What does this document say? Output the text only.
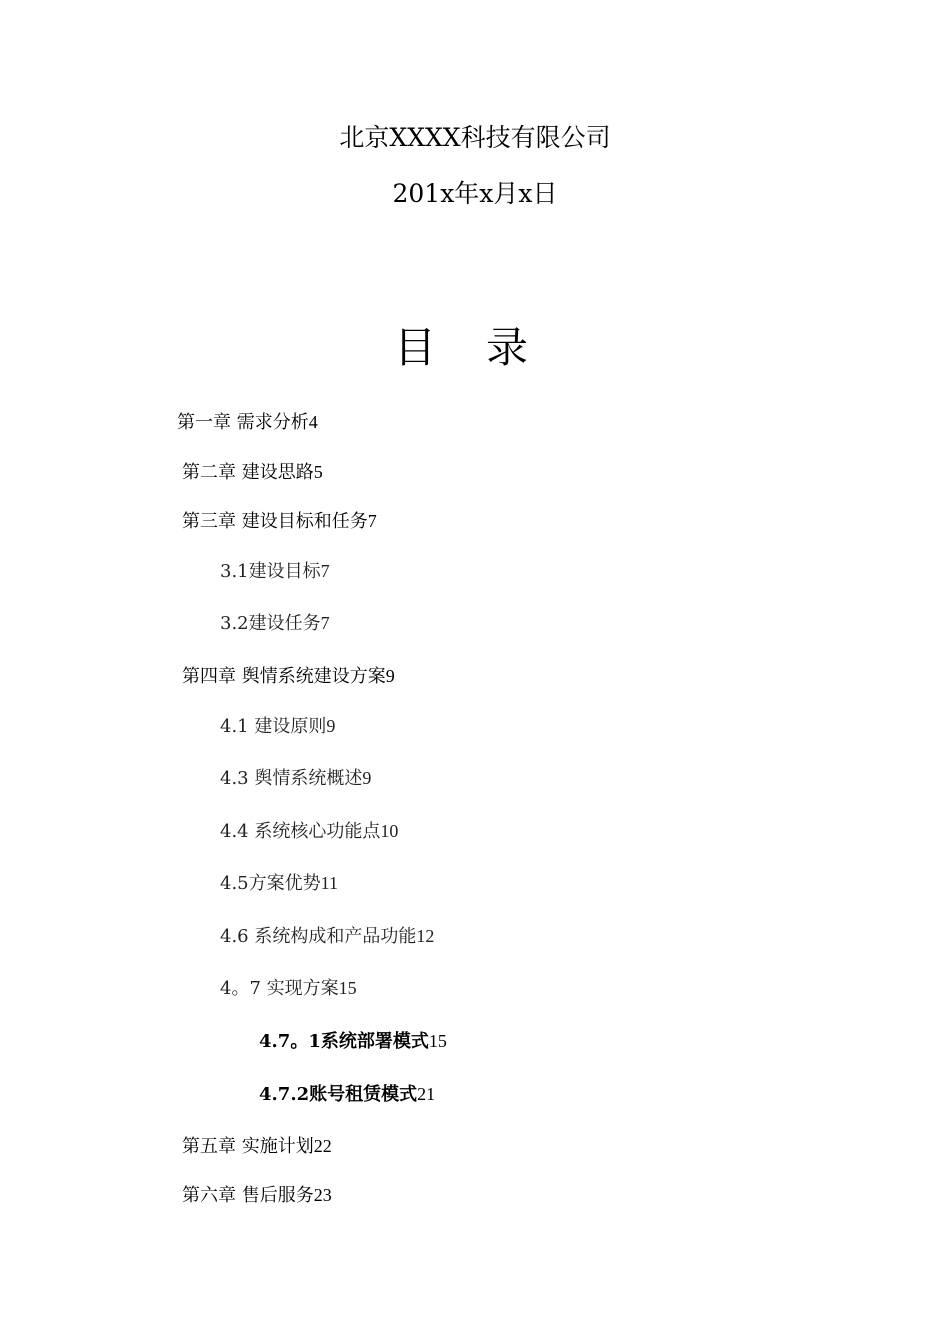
北京XXXX科技有限公司
201x年x月x日
目录
第一章 需求分析4
第二章 建设思路5
第三章 建设目标和任务7
3.1建设目标7
3.2建设任务7
第四章 舆情系统建设方案9
4.1 建设原则9
4.3 舆情系统概述9
4.4 系统核心功能点10
4.5方案优势11
4.6 系统构成和产品功能12
4。7 实现方案15
4.7。1系统部署模式15
4.7.2账号租赁模式21
第五章 实施计划22
第六章 售后服务23
